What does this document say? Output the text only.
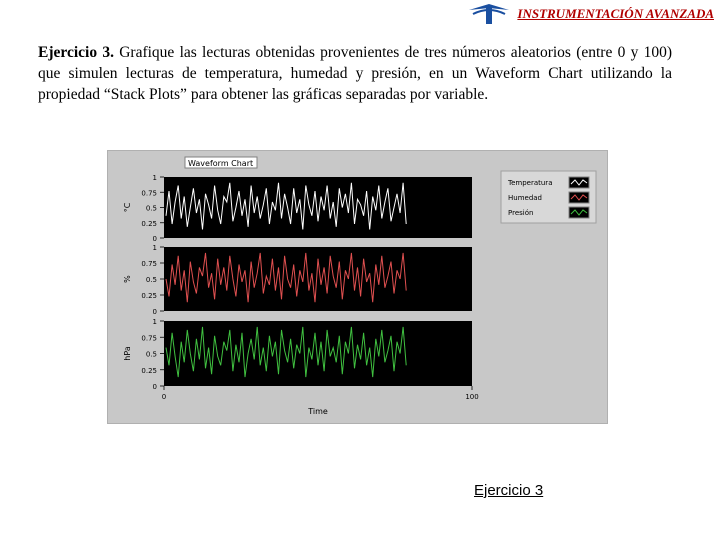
INSTRUMENTACIÓN AVANZADA
Ejercicio 3. Grafique las lecturas obtenidas provenientes de tres números aleatorios (entre 0 y 100) que simulen lecturas de temperatura, humedad y presión, en un Waveform Chart utilizando la propiedad “Stack Plots” para obtener las gráficas separadas por variable.
Waveform Chart
0
0.25
0.5
0.75
1
°C
0
0.25
0.5
0.75
1
%
0
0.25
0.5
0.75
1
hPa
0	100
Time
Temperatura
Humedad
Presión
Ejercicio 3
